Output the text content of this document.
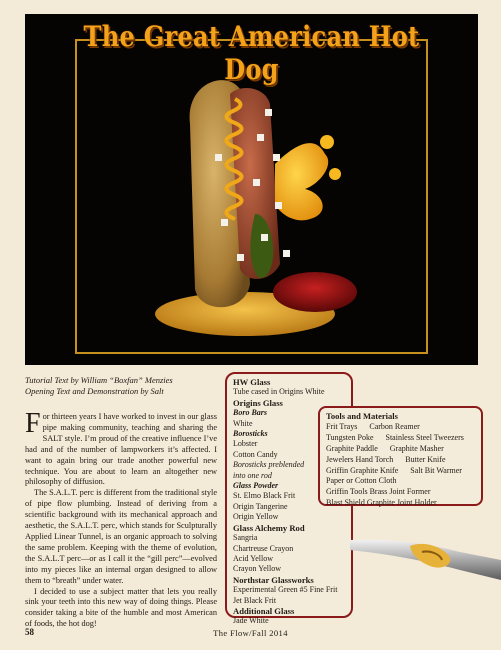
The Great American Hot Dog
Tutorial Text by William “Boxfan” Menzies
Opening Text and Demonstration by Salt

For thirteen years I have worked to invest in our glass pipe making community, teaching and sharing the SALT style. I’m proud of the creative influence I’ve had and of the number of lampworkers it’s affected. I want to again bring our trade another powerful new technique. You are about to learn an altogether new philosophy of diffusion.

The S.A.L.T. perc is different from the traditional style of pipe flow plumbing. Instead of deriving from a scientific background with its mechanical approach and aesthetic, the S.A.L.T. perc, which stands for Sculpturally Applied Linear Tunnel, is an organic approach to solving the same problem. Keeping with the theme of evolution, the S.A.L.T perc—or as I call it the “gill perc”—evolved into my pieces like an internal organ designed to allow them to “breath” under water.

I decided to use a subject matter that lets you really sink your teeth into this new way of doing things. Please consider taking a bite of the humble and most American of foods, the hot dog!

HW Glass
Tube cased in Origins White
Origins Glass
Boro Bars
White
Borosticks
Lobster
Cotton Candy
Borosticks preblended
into one rod
Glass Powder
St. Elmo Black Frit
Origin Tangerine
Origin Yellow
Glass Alchemy Rod
Sangria
Chartreuse Crayon
Acid Yellow
Crayon Yellow
Northstar Glassworks
Experimental Green #5 Fine Frit
Jet Black Frit
Additional Glass
Jade White
Tools and Materials
Frit Trays Carbon Reamer
Tungsten Poke Stainless Steel Tweezers
Graphite Paddle Graphite Masher
Jewelers Hand Torch Butter Knife
Griffin Graphite Knife Salt Bit Warmer
Paper or Cotton Cloth
Griffin Tools Brass Joint Former
Blast Shield Graphite Joint Holder
58	The Flow/Fall 2014
